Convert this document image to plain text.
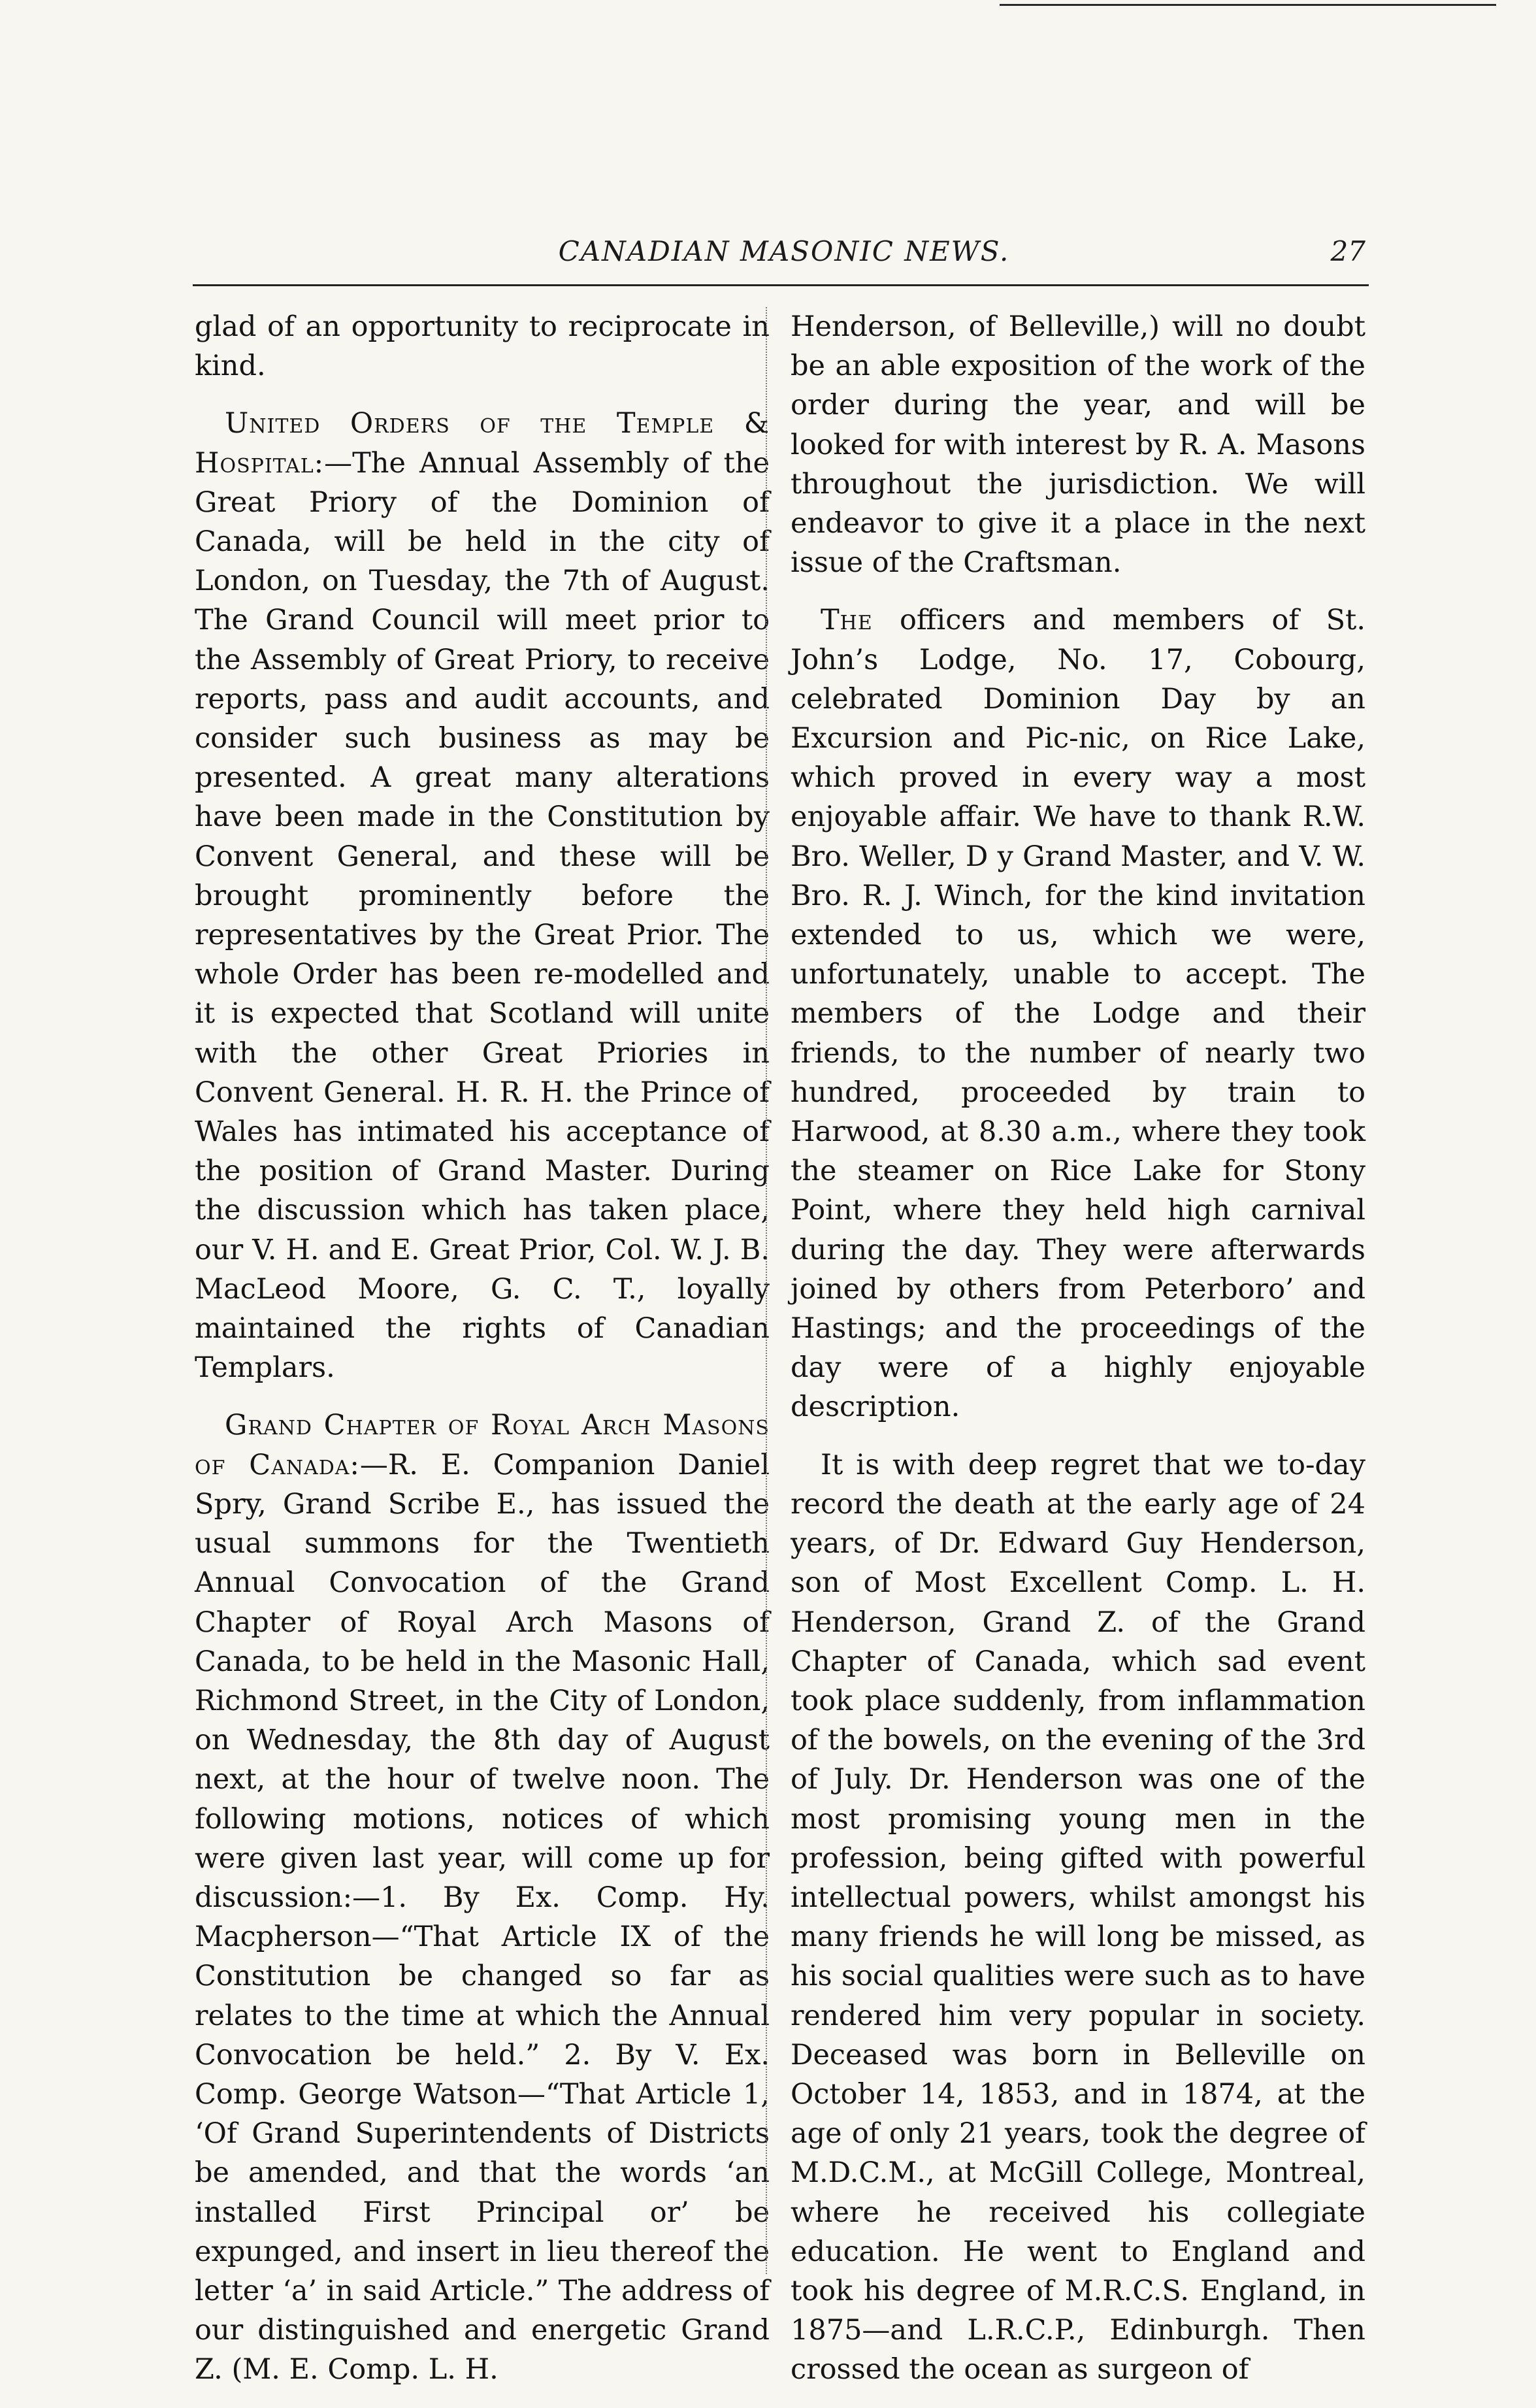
CANADIAN MASONIC NEWS.	27

glad of an opportunity to reciprocate in kind.

United Orders of the Temple & Hospital:—The Annual Assembly of the Great Priory of the Dominion of Canada, will be held in the city of London, on Tuesday, the 7th of August. The Grand Council will meet prior to the Assembly of Great Priory, to receive reports, pass and audit accounts, and consider such business as may be presented. A great many alterations have been made in the Constitution by Convent General, and these will be brought prominently before the representatives by the Great Prior. The whole Order has been re-modelled and it is expected that Scotland will unite with the other Great Priories in Convent General. H. R. H. the Prince of Wales has intimated his acceptance of the position of Grand Master. During the discussion which has taken place, our V. H. and E. Great Prior, Col. W. J. B. MacLeod Moore, G. C. T., loyally maintained the rights of Canadian Templars.

Grand Chapter of Royal Arch Masons of Canada:—R. E. Companion Daniel Spry, Grand Scribe E., has issued the usual summons for the Twentieth Annual Convocation of the Grand Chapter of Royal Arch Masons of Canada, to be held in the Masonic Hall, Richmond Street, in the City of London, on Wednesday, the 8th day of August next, at the hour of twelve noon. The following motions, notices of which were given last year, will come up for discussion:—1. By Ex. Comp. Hy. Macpherson—“That Article IX of the Constitution be changed so far as relates to the time at which the Annual Convocation be held.” 2. By V. Ex. Comp. George Watson—“That Article 1, ‘Of Grand Superintendents of Districts be amended, and that the words ‘an installed First Principal or’ be expunged, and insert in lieu thereof the letter ‘a’ in said Article.” The address of our distinguished and energetic Grand Z. (M. E. Comp. L. H.

Henderson, of Belleville,) will no doubt be an able exposition of the work of the order during the year, and will be looked for with interest by R. A. Masons throughout the jurisdiction. We will endeavor to give it a place in the next issue of the Craftsman.

The officers and members of St. John’s Lodge, No. 17, Cobourg, celebrated Dominion Day by an Excursion and Pic-nic, on Rice Lake, which proved in every way a most enjoyable affair. We have to thank R.W. Bro. Weller, D y Grand Master, and V. W. Bro. R. J. Winch, for the kind invitation extended to us, which we were, unfortunately, unable to accept. The members of the Lodge and their friends, to the number of nearly two hundred, proceeded by train to Harwood, at 8.30 a.m., where they took the steamer on Rice Lake for Stony Point, where they held high carnival during the day. They were afterwards joined by others from Peterboro’ and Hastings; and the proceedings of the day were of a highly enjoyable description.

It is with deep regret that we to-day record the death at the early age of 24 years, of Dr. Edward Guy Henderson, son of Most Excellent Comp. L. H. Henderson, Grand Z. of the Grand Chapter of Canada, which sad event took place suddenly, from inflammation of the bowels, on the evening of the 3rd of July. Dr. Henderson was one of the most promising young men in the profession, being gifted with powerful intellectual powers, whilst amongst his many friends he will long be missed, as his social qualities were such as to have rendered him very popular in society. Deceased was born in Belleville on October 14, 1853, and in 1874, at the age of only 21 years, took the degree of M.D.C.M., at McGill College, Montreal, where he received his collegiate education. He went to England and took his degree of M.R.C.S. England, in 1875—and L.R.C.P., Edinburgh. Then crossed the ocean as surgeon of
